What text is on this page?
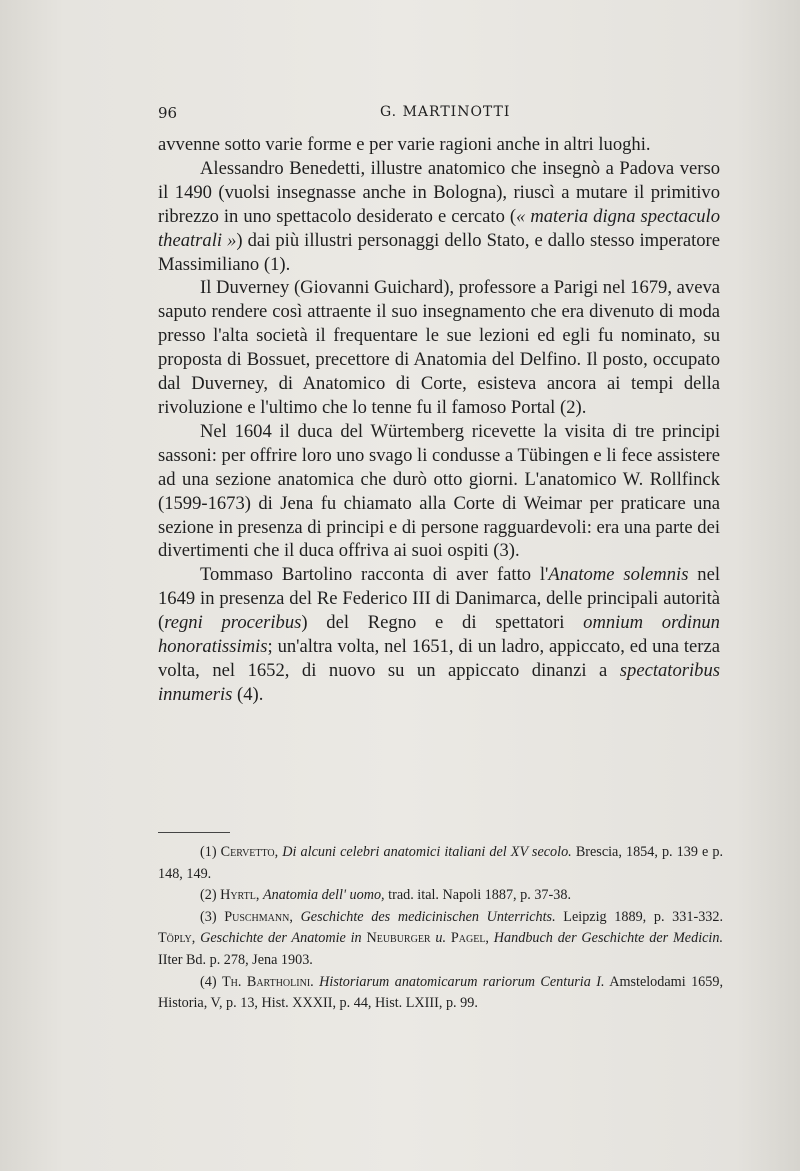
96	G. MARTINOTTI

avvenne sotto varie forme e per varie ragioni anche in altri luoghi.

Alessandro Benedetti, illustre anatomico che insegnò a Padova verso il 1490 (vuolsi insegnasse anche in Bologna), riuscì a mutare il primitivo ribrezzo in uno spettacolo desiderato e cercato (« materia digna spectaculo theatrali ») dai più illustri personaggi dello Stato, e dallo stesso imperatore Massimiliano (1).

Il Duverney (Giovanni Guichard), professore a Parigi nel 1679, aveva saputo rendere così attraente il suo insegnamento che era divenuto di moda presso l'alta società il frequentare le sue lezioni ed egli fu nominato, su proposta di Bossuet, precettore di Anatomia del Delfino. Il posto, occupato dal Duverney, di Anatomico di Corte, esisteva ancora ai tempi della rivoluzione e l'ultimo che lo tenne fu il famoso Portal (2).

Nel 1604 il duca del Würtemberg ricevette la visita di tre principi sassoni: per offrire loro uno svago li condusse a Tübingen e li fece assistere ad una sezione anatomica che durò otto giorni. L'anatomico W. Rollfinck (1599-1673) di Jena fu chiamato alla Corte di Weimar per praticare una sezione in presenza di principi e di persone ragguardevoli: era una parte dei divertimenti che il duca offriva ai suoi ospiti (3).

Tommaso Bartolino racconta di aver fatto l'Anatome solemnis nel 1649 in presenza del Re Federico III di Danimarca, delle principali autorità (regni proceribus) del Regno e di spettatori omnium ordinun honoratissimis; un'altra volta, nel 1651, di un ladro, appiccato, ed una terza volta, nel 1652, di nuovo su un appiccato dinanzi a spectatoribus innumeris (4).

(1) Cervetto, Di alcuni celebri anatomici italiani del XV secolo. Brescia, 1854, p. 139 e p. 148, 149.

(2) Hyrtl, Anatomia dell' uomo, trad. ital. Napoli 1887, p. 37-38.

(3) Puschmann, Geschichte des medicinischen Unterrichts. Leipzig 1889, p. 331-332. Töply, Geschichte der Anatomie in Neuburger u. Pagel, Handbuch der Geschichte der Medicin. IIter Bd. p. 278, Jena 1903.

(4) Th. Bartholini. Historiarum anatomicarum rariorum Centuria I. Amstelodami 1659, Historia, V, p. 13, Hist. XXXII, p. 44, Hist. LXIII, p. 99.
